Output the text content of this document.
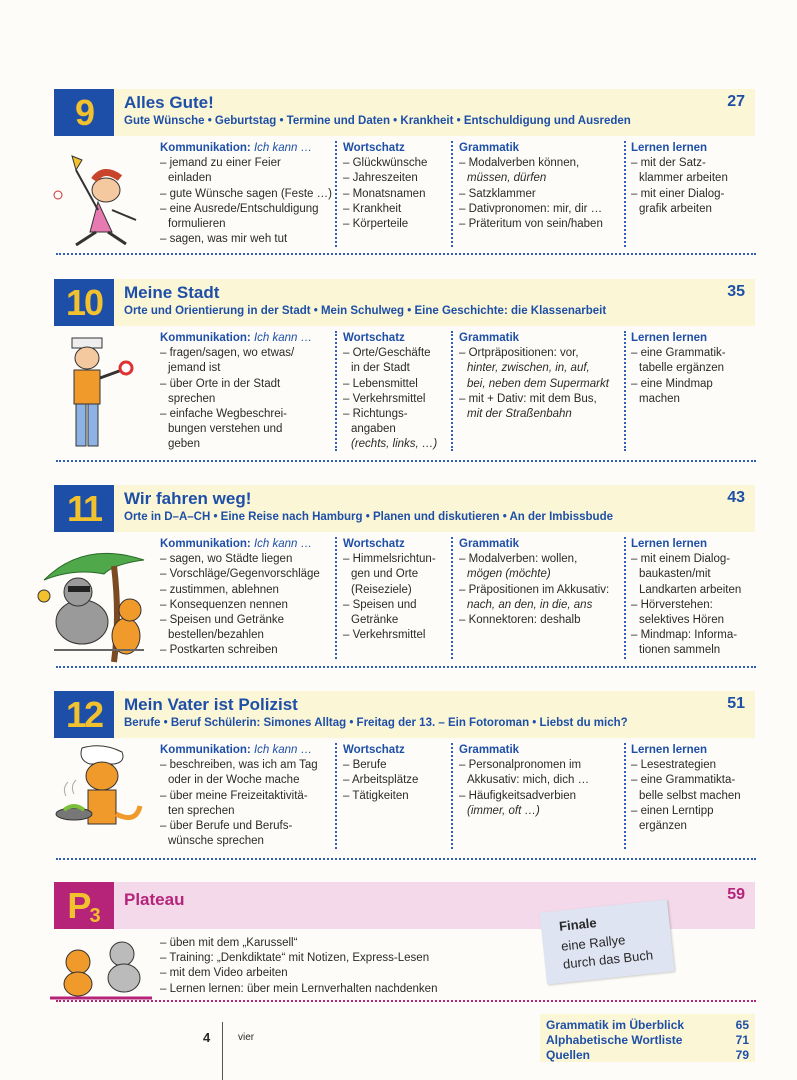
9	Alles Gute!
Gute Wünsche • Geburtstag • Termine und Daten • Krankheit • Entschuldigung und Ausreden
27
Kommunikation: Ich kann …
– jemand zu einer Feier
einladen
– gute Wünsche sagen (Feste …)
– eine Ausrede/Entschuldigung
formulieren
– sagen, was mir weh tut
Wortschatz
– Glückwünsche
– Jahreszeiten
– Monatsnamen
– Krankheit
– Körperteile
Grammatik
– Modalverben können,
müssen, dürfen
– Satzklammer
– Dativpronomen: mir, dir …
– Präteritum von sein/haben
Lernen lernen
– mit der Satz-
klammer arbeiten
– mit einer Dialog-
grafik arbeiten
10	Meine Stadt
Orte und Orientierung in der Stadt • Mein Schulweg • Eine Geschichte: die Klassenarbeit
35
Kommunikation: Ich kann …
– fragen/sagen, wo etwas/
jemand ist
– über Orte in der Stadt
sprechen
– einfache Wegbeschrei-
bungen verstehen und
geben
Wortschatz
– Orte/Geschäfte
in der Stadt
– Lebensmittel
– Verkehrsmittel
– Richtungs-
angaben
(rechts, links, …)
Grammatik
– Ortpräpositionen: vor,
hinter, zwischen, in, auf,
bei, neben dem Supermarkt
– mit + Dativ: mit dem Bus,
mit der Straßenbahn
Lernen lernen
– eine Grammatik-
tabelle ergänzen
– eine Mindmap
machen
11	Wir fahren weg!
Orte in D–A–CH • Eine Reise nach Hamburg • Planen und diskutieren • An der Imbissbude
43
Kommunikation: Ich kann …
– sagen, wo Städte liegen
– Vorschläge/Gegenvorschläge
– zustimmen, ablehnen
– Konsequenzen nennen
– Speisen und Getränke
bestellen/bezahlen
– Postkarten schreiben
Wortschatz
– Himmelsrichtun-
gen und Orte
(Reiseziele)
– Speisen und
Getränke
– Verkehrsmittel
Grammatik
– Modalverben: wollen,
mögen (möchte)
– Präpositionen im Akkusativ:
nach, an den, in die, ans
– Konnektoren: deshalb
Lernen lernen
– mit einem Dialog-
baukasten/mit
Landkarten arbeiten
– Hörverstehen:
selektives Hören
– Mindmap: Informa-
tionen sammeln
12	Mein Vater ist Polizist
Berufe • Beruf Schülerin: Simones Alltag • Freitag der 13. – Ein Fotoroman • Liebst du mich?
51
Kommunikation: Ich kann …
– beschreiben, was ich am Tag
oder in der Woche mache
– über meine Freizeitaktivitä-
ten sprechen
– über Berufe und Berufs-
wünsche sprechen
Wortschatz
– Berufe
– Arbeitsplätze
– Tätigkeiten
Grammatik
– Personalpronomen im
Akkusativ: mich, dich …
– Häufigkeitsadverbien
(immer, oft …)
Lernen lernen
– Lesestrategien
– eine Grammatikta-
belle selbst machen
– einen Lerntipp
ergänzen
$P_3$
Plateau	59
– üben mit dem „Karussell“
– Training: „Denkdiktate“ mit Notizen, Express-Lesen
– mit dem Video arbeiten
– Lernen lernen: über mein Lernverhalten nachdenken
Finale
eine Rallye
durch das Buch
4	vier
Grammatik im Überblick	65
Alphabetische Wortliste	71
Quellen	79
